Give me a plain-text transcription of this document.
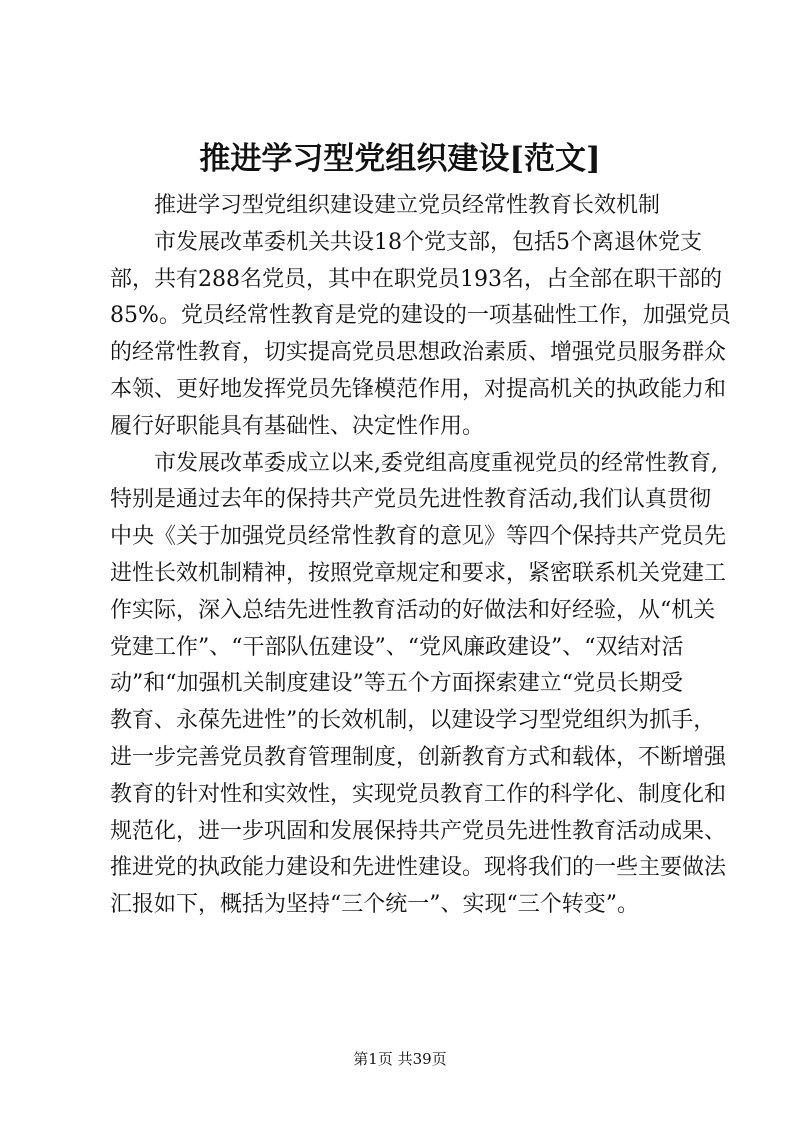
推进学习型党组织建设[范文]

推进学习型党组织建设建立党员经常性教育长效机制

市发展改革委机关共设18个党支部，包括5个离退休党支
部，共有288名党员，其中在职党员193名，占全部在职干部的
85%。党员经常性教育是党的建设的一项基础性工作，加强党员
的经常性教育，切实提高党员思想政治素质、增强党员服务群众
本领、更好地发挥党员先锋模范作用，对提高机关的执政能力和
履行好职能具有基础性、决定性作用。

市发展改革委成立以来,委党组高度重视党员的经常性教育,
特别是通过去年的保持共产党员先进性教育活动,我们认真贯彻
中央《关于加强党员经常性教育的意见》等四个保持共产党员先
进性长效机制精神，按照党章规定和要求，紧密联系机关党建工
作实际，深入总结先进性教育活动的好做法和好经验，从“机关
党建工作”、“干部队伍建设”、“党风廉政建设”、“双结对活
动”和“加强机关制度建设”等五个方面探索建立“党员长期受
教育、永葆先进性”的长效机制，以建设学习型党组织为抓手，
进一步完善党员教育管理制度，创新教育方式和载体，不断增强
教育的针对性和实效性，实现党员教育工作的科学化、制度化和
规范化，进一步巩固和发展保持共产党员先进性教育活动成果、
推进党的执政能力建设和先进性建设。现将我们的一些主要做法
汇报如下，概括为坚持“三个统一”、实现“三个转变”。

第1页 共39页
